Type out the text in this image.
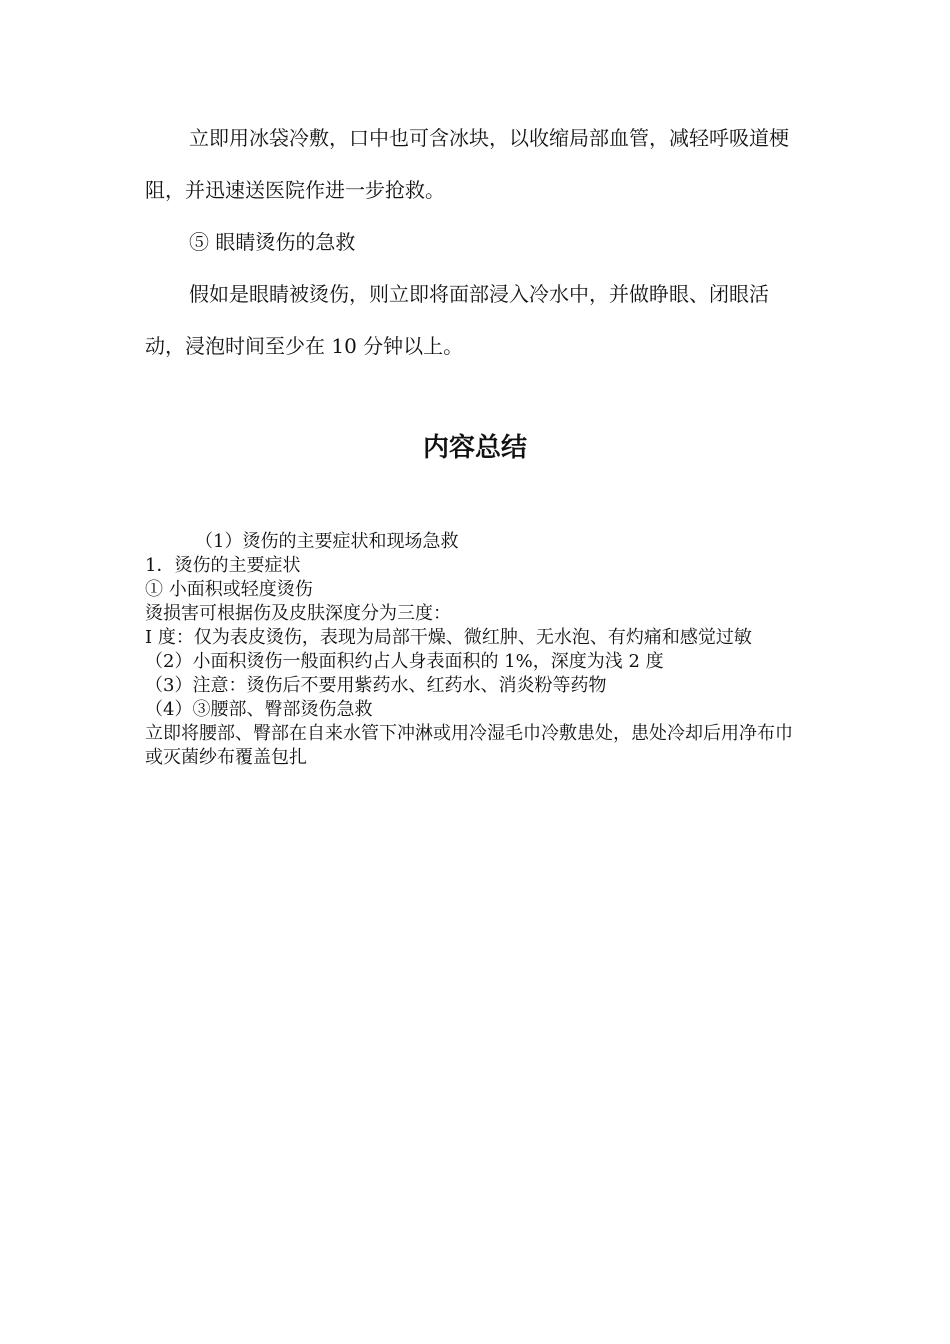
立即用冰袋冷敷，口中也可含冰块，以收缩局部血管，减轻呼吸道梗阻，并迅速送医院作进一步抢救。

⑤ 眼睛烫伤的急救

假如是眼睛被烫伤，则立即将面部浸入冷水中，并做睁眼、闭眼活动，浸泡时间至少在 10 分钟以上。

内容总结

（1）烫伤的主要症状和现场急救

1．烫伤的主要症状

① 小面积或轻度烫伤

烫损害可根据伤及皮肤深度分为三度：

Ⅰ 度：仅为表皮烫伤，表现为局部干燥、微红肿、无水泡、有灼痛和感觉过敏

（2）小面积烫伤一般面积约占人身表面积的 1%，深度为浅 2 度

（3）注意：烫伤后不要用紫药水、红药水、消炎粉等药物

（4）③腰部、臀部烫伤急救

立即将腰部、臀部在自来水管下冲淋或用冷湿毛巾冷敷患处，患处冷却后用净布巾或灭菌纱布覆盖包扎
